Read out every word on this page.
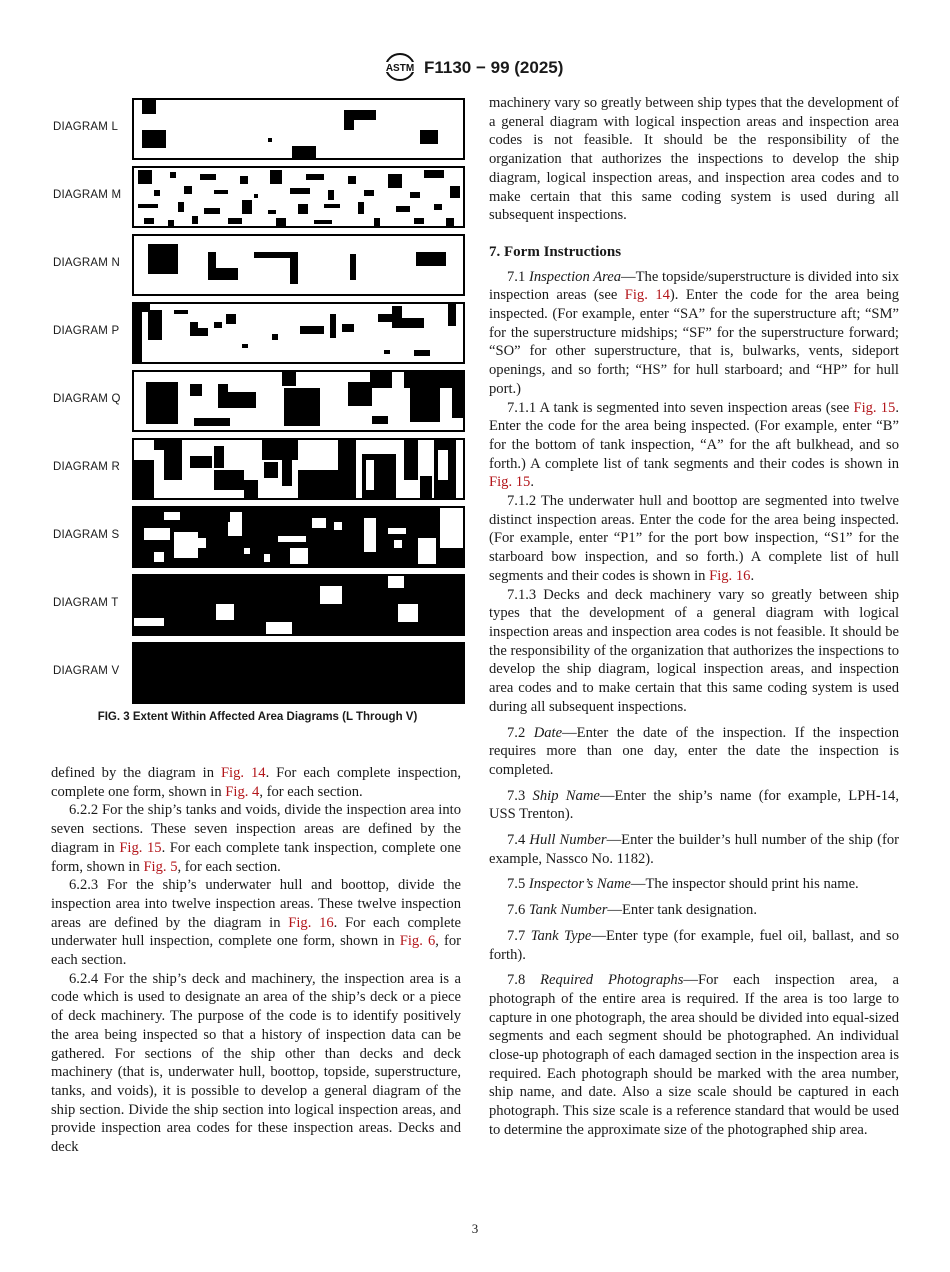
ASTM F1130 − 99 (2025)
DIAGRAM L
DIAGRAM M
DIAGRAM N
DIAGRAM P
DIAGRAM Q
DIAGRAM R
DIAGRAM S
DIAGRAM T
DIAGRAM V
FIG. 3 Extent Within Affected Area Diagrams (L Through V)

defined by the diagram in Fig. 14. For each complete inspection, complete one form, shown in Fig. 4, for each section.

6.2.2 For the ship’s tanks and voids, divide the inspection area into seven sections. These seven inspection areas are defined by the diagram in Fig. 15. For each complete tank inspection, complete one form, shown in Fig. 5, for each section.

6.2.3 For the ship’s underwater hull and boottop, divide the inspection area into twelve inspection areas. These twelve inspection areas are defined by the diagram in Fig. 16. For each complete underwater hull inspection, complete one form, shown in Fig. 6, for each section.

6.2.4 For the ship’s deck and machinery, the inspection area is a code which is used to designate an area of the ship’s deck or a piece of deck machinery. The purpose of the code is to identify positively the area being inspected so that a history of inspection data can be gathered. For sections of the ship other than decks and deck machinery (that is, underwater hull, boottop, topside, superstructure, tanks, and voids), it is possible to develop a general diagram of the ship section. Divide the ship section into logical inspection areas, and provide inspection area codes for these inspection areas. Decks and deck

machinery vary so greatly between ship types that the development of a general diagram with logical inspection areas and inspection area codes is not feasible. It should be the responsibility of the organization that authorizes the inspections to develop the ship diagram, logical inspection areas, and inspection area codes and to make certain that this same coding system is used during all subsequent inspections.

7. Form Instructions

7.1 Inspection Area—The topside/superstructure is divided into six inspection areas (see Fig. 14). Enter the code for the area being inspected. (For example, enter “SA” for the superstructure aft; “SM” for the superstructure midships; “SF” for the superstructure forward; “SO” for other superstructure, that is, bulwarks, vents, sideport openings, and so forth; “HS” for hull starboard; and “HP” for hull port.)

7.1.1 A tank is segmented into seven inspection areas (see Fig. 15. Enter the code for the area being inspected. (For example, enter “B” for the bottom of tank inspection, “A” for the aft bulkhead, and so forth.) A complete list of tank segments and their codes is shown in Fig. 15.

7.1.2 The underwater hull and boottop are segmented into twelve distinct inspection areas. Enter the code for the area being inspected. (For example, enter “P1” for the port bow inspection, “S1” for the starboard bow inspection, and so forth.) A complete list of hull segments and their codes is shown in Fig. 16.

7.1.3 Decks and deck machinery vary so greatly between ship types that the development of a general diagram with logical inspection areas and inspection area codes is not feasible. It should be the responsibility of the organization that authorizes the inspections to develop the ship diagram, logical inspection areas, and inspection area codes and to make certain that this same coding system is used during all subsequent inspections.

7.2 Date—Enter the date of the inspection. If the inspection requires more than one day, enter the date the inspection is completed.

7.3 Ship Name—Enter the ship’s name (for example, LPH-14, USS Trenton).

7.4 Hull Number—Enter the builder’s hull number of the ship (for example, Nassco No. 1182).

7.5 Inspector’s Name—The inspector should print his name.

7.6 Tank Number—Enter tank designation.

7.7 Tank Type—Enter type (for example, fuel oil, ballast, and so forth).

7.8 Required Photographs—For each inspection area, a photograph of the entire area is required. If the area is too large to capture in one photograph, the area should be divided into equal-sized segments and each segment should be photographed. An individual close-up photograph of each damaged section in the inspection area is required. Each photograph should be marked with the area number, ship name, and date. Also a size scale should be captured in each photograph. This size scale is a reference standard that would be used to determine the approximate size of the photographed ship area.

3
